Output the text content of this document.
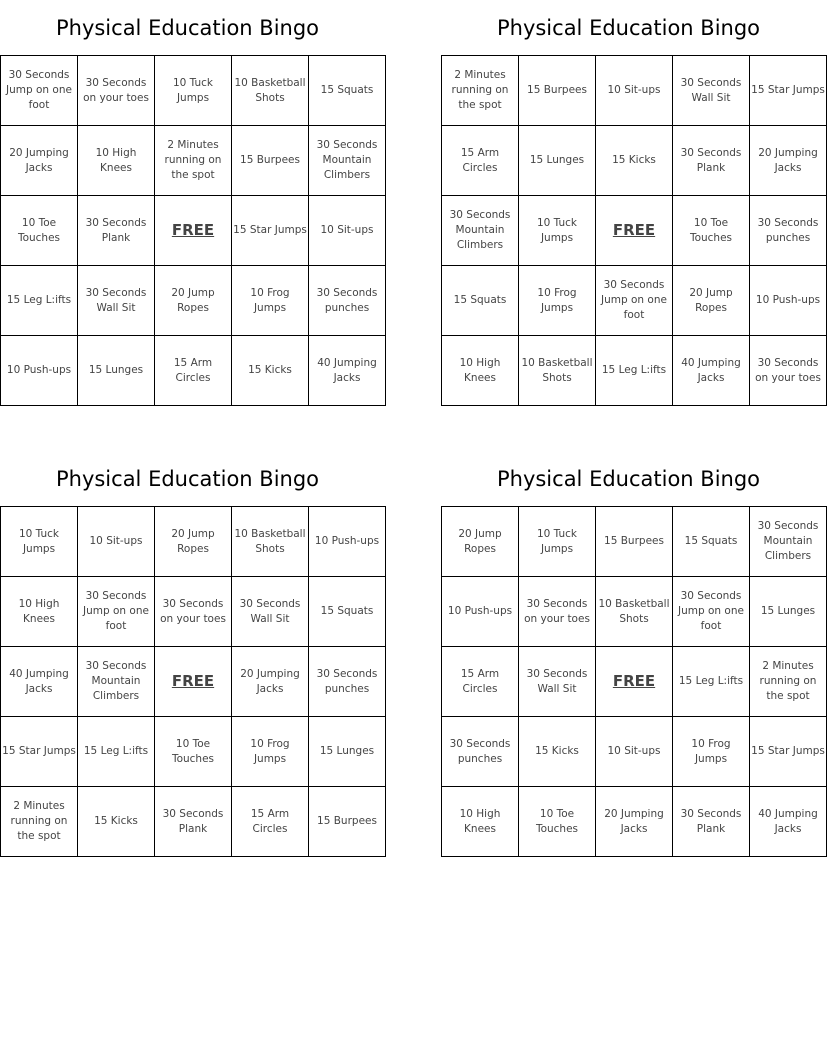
Physical Education Bingo
30 Seconds Jump on one foot	30 Seconds on your toes	10 Tuck Jumps	10 Basketball Shots	15 Squats
20 Jumping Jacks	10 High Knees	2 Minutes running on the spot	15 Burpees	30 Seconds Mountain Climbers
10 Toe Touches	30 Seconds Plank	FREE	15 Star Jumps	10 Sit-ups
15 Leg L:ifts	30 Seconds Wall Sit	20 Jump Ropes	10 Frog Jumps	30 Seconds punches
10 Push-ups	15 Lunges	15 Arm Circles	15 Kicks	40 Jumping Jacks
Physical Education Bingo
2 Minutes running on the spot	15 Burpees	10 Sit-ups	30 Seconds Wall Sit	15 Star Jumps
15 Arm Circles	15 Lunges	15 Kicks	30 Seconds Plank	20 Jumping Jacks
30 Seconds Mountain Climbers	10 Tuck Jumps	FREE	10 Toe Touches	30 Seconds punches
15 Squats	10 Frog Jumps	30 Seconds Jump on one foot	20 Jump Ropes	10 Push-ups
10 High Knees	10 Basketball Shots	15 Leg L:ifts	40 Jumping Jacks	30 Seconds on your toes
Physical Education Bingo
10 Tuck Jumps	10 Sit-ups	20 Jump Ropes	10 Basketball Shots	10 Push-ups
10 High Knees	30 Seconds Jump on one foot	30 Seconds on your toes	30 Seconds Wall Sit	15 Squats
40 Jumping Jacks	30 Seconds Mountain Climbers	FREE	20 Jumping Jacks	30 Seconds punches
15 Star Jumps	15 Leg L:ifts	10 Toe Touches	10 Frog Jumps	15 Lunges
2 Minutes running on the spot	15 Kicks	30 Seconds Plank	15 Arm Circles	15 Burpees
Physical Education Bingo
20 Jump Ropes	10 Tuck Jumps	15 Burpees	15 Squats	30 Seconds Mountain Climbers
10 Push-ups	30 Seconds on your toes	10 Basketball Shots	30 Seconds Jump on one foot	15 Lunges
15 Arm Circles	30 Seconds Wall Sit	FREE	15 Leg L:ifts	2 Minutes running on the spot
30 Seconds punches	15 Kicks	10 Sit-ups	10 Frog Jumps	15 Star Jumps
10 High Knees	10 Toe Touches	20 Jumping Jacks	30 Seconds Plank	40 Jumping Jacks
